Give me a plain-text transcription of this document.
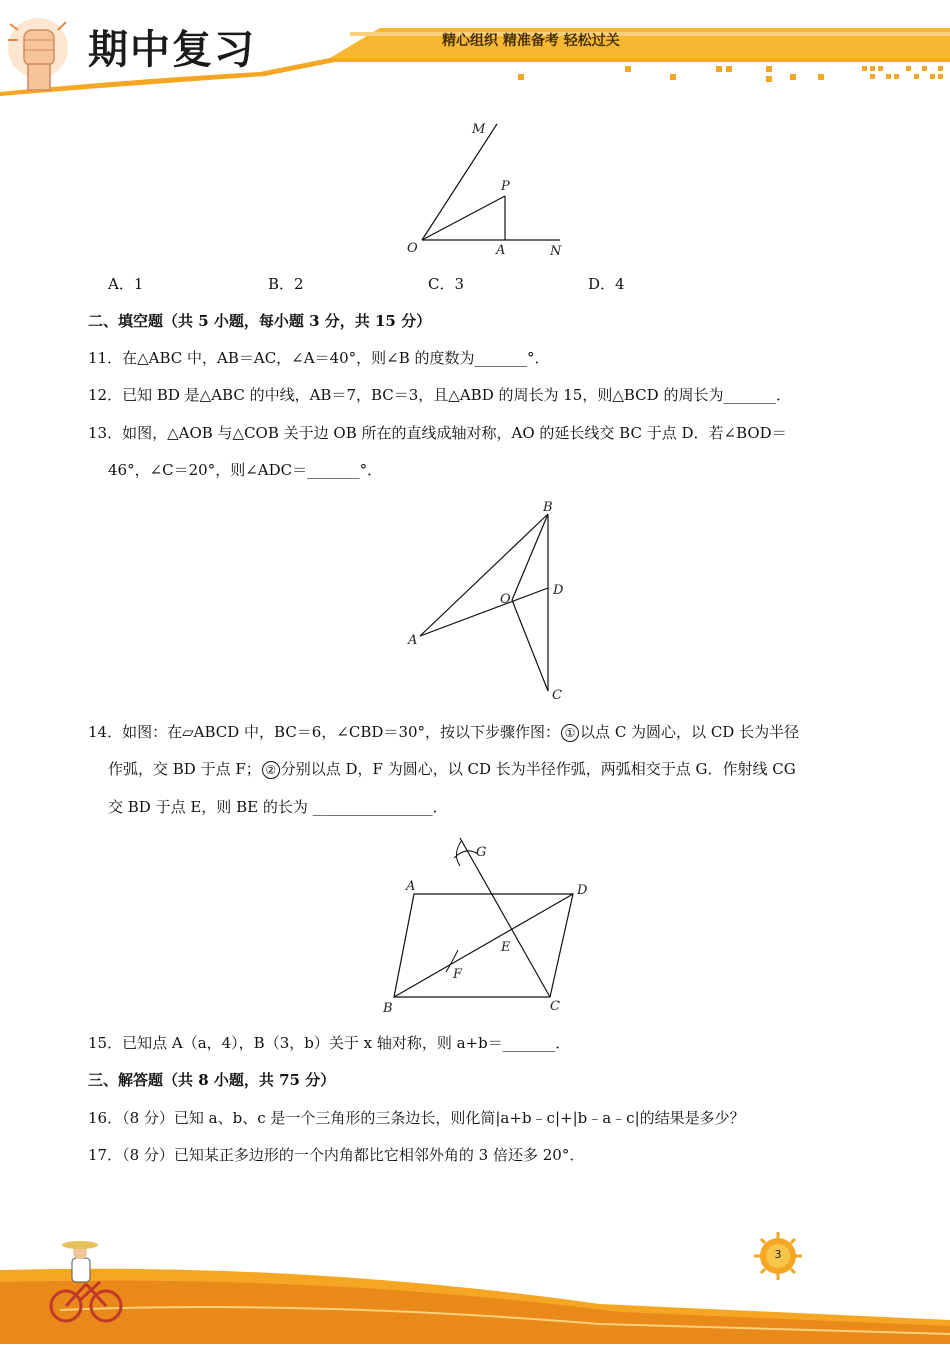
期中复习	精心组织 精准备考 轻松过关
M
P
O	A	N
A．1	B．2	C．3	D．4
二、填空题（共 5 小题，每小题 3 分，共 15 分）
11．在△ABC 中，AB＝AC，∠A＝40°，则∠B 的度数为_______°．
12．已知 BD 是△ABC 的中线，AB＝7，BC＝3，且△ABD 的周长为 15，则△BCD 的周长为_______．
13．如图，△AOB 与△COB 关于边 OB 所在的直线成轴对称，AO 的延长线交 BC 于点 D．若∠BOD＝
46°，∠C＝20°，则∠ADC＝_______°．
B
O
D
A
C
14．如图：在▱ABCD 中，BC＝6，∠CBD＝30°，按以下步骤作图： ① 以点 C 为圆心，以 CD 长为半径
作弧，交 BD 于点 F； ② 分别以点 D，F 为圆心，以 CD 长为半径作弧，两弧相交于点 G．作射线 CG
交 BD 于点 E，则 BE 的长为 ________________．
G
A	D
E
F
B	C
15．已知点 A（a，4），B（3，b）关于 x 轴对称，则 a+b＝_______．
三、解答题（共 8 小题，共 75 分）
16．（8 分）已知 a、b、c 是一个三角形的三条边长，则化简|a+b﹣c|+|b﹣a﹣c|的结果是多少？
17．（8 分）已知某正多边形的一个内角都比它相邻外角的 3 倍还多 20°．
3
